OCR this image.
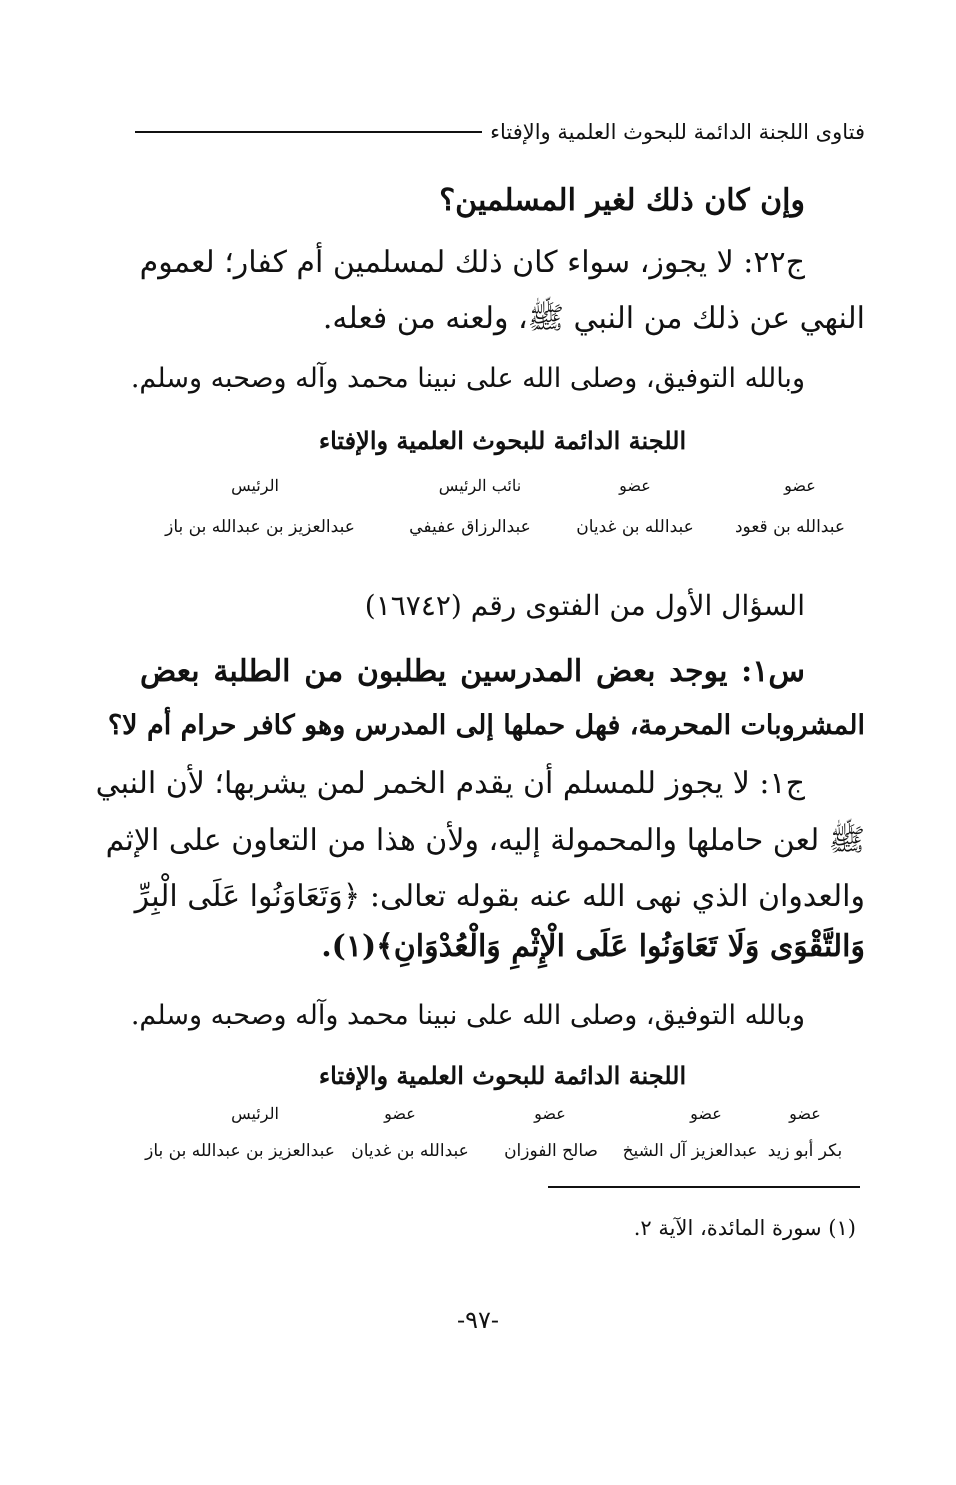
فتاوى اللجنة الدائمة للبحوث العلمية والإفتاء
وإن كان ذلك لغير المسلمين؟
ج٢٢: لا يجوز، سواء كان ذلك لمسلمين أم كفار؛ لعموم
النهي عن ذلك من النبي ﷺ، ولعنه من فعله.
وبالله التوفيق، وصلى الله على نبينا محمد وآله وصحبه وسلم.
اللجنة الدائمة للبحوث العلمية والإفتاء
عضو
عبدالله بن قعود
عضو
عبدالله بن غديان
نائب الرئيس
عبدالرزاق عفيفي
الرئيس
عبدالعزيز بن عبدالله بن باز
السؤال الأول من الفتوى رقم (١٦٧٤٢)
س١: يوجد بعض المدرسين يطلبون من الطلبة بعض
المشروبات المحرمة، فهل حملها إلى المدرس وهو كافر حرام أم لا؟
ج١: لا يجوز للمسلم أن يقدم الخمر لمن يشربها؛ لأن النبي
ﷺ لعن حاملها والمحمولة إليه، ولأن هذا من التعاون على الإثم
والعدوان الذي نهى الله عنه بقوله تعالى: ﴿وَتَعَاوَنُوا عَلَى الْبِرِّ
وَالتَّقْوَى وَلَا تَعَاوَنُوا عَلَى الْإِثْمِ وَالْعُدْوَانِ﴾(١).
وبالله التوفيق، وصلى الله على نبينا محمد وآله وصحبه وسلم.
اللجنة الدائمة للبحوث العلمية والإفتاء
عضو
بكر أبو زيد
عضو
عبدالعزيز آل الشيخ
عضو
صالح الفوزان
عضو
عبدالله بن غديان
الرئيس
عبدالعزيز بن عبدالله بن باز
(١) سورة المائدة، الآية ٢.
-٩٧-
